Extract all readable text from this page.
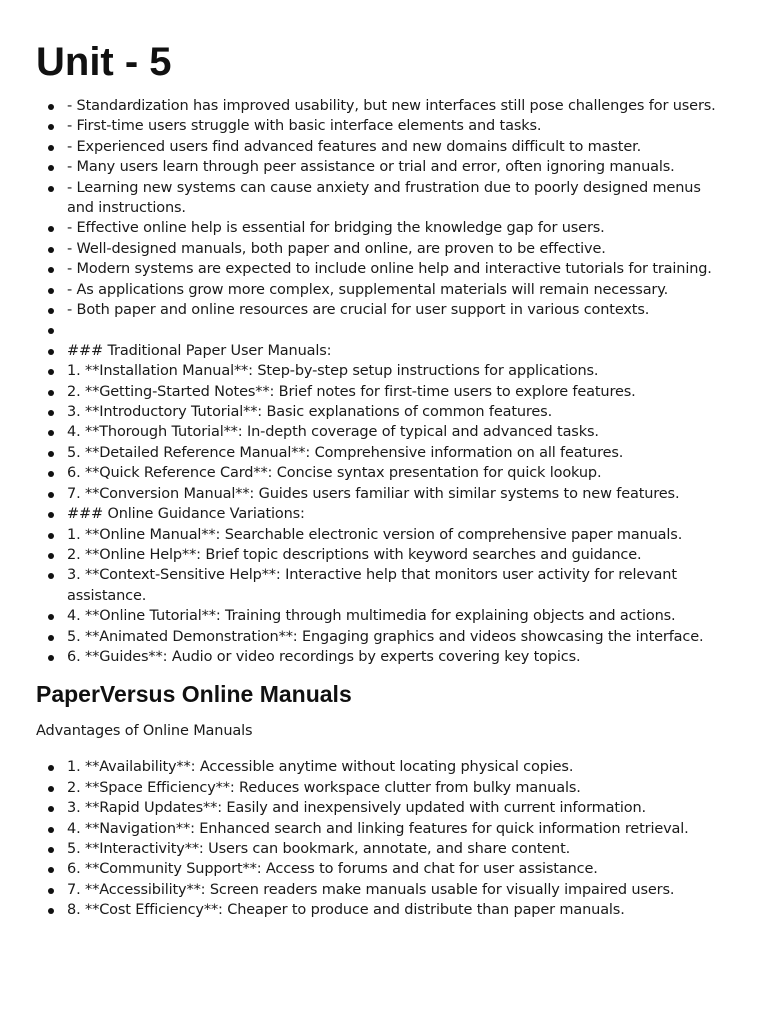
Unit - 5
- Standardization has improved usability, but new interfaces still pose challenges for users.
- First-time users struggle with basic interface elements and tasks.
- Experienced users find advanced features and new domains difficult to master.
- Many users learn through peer assistance or trial and error, often ignoring manuals.
- Learning new systems can cause anxiety and frustration due to poorly designed menus and instructions.
- Effective online help is essential for bridging the knowledge gap for users.
- Well-designed manuals, both paper and online, are proven to be effective.
- Modern systems are expected to include online help and interactive tutorials for training.
- As applications grow more complex, supplemental materials will remain necessary.
- Both paper and online resources are crucial for user support in various contexts.
### Traditional Paper User Manuals:
1. **Installation Manual**: Step-by-step setup instructions for applications.
2. **Getting-Started Notes**: Brief notes for first-time users to explore features.
3. **Introductory Tutorial**: Basic explanations of common features.
4. **Thorough Tutorial**: In-depth coverage of typical and advanced tasks.
5. **Detailed Reference Manual**: Comprehensive information on all features.
6. **Quick Reference Card**: Concise syntax presentation for quick lookup.
7. **Conversion Manual**: Guides users familiar with similar systems to new features.
### Online Guidance Variations:
1. **Online Manual**: Searchable electronic version of comprehensive paper manuals.
2. **Online Help**: Brief topic descriptions with keyword searches and guidance.
3. **Context-Sensitive Help**: Interactive help that monitors user activity for relevant assistance.
4. **Online Tutorial**: Training through multimedia for explaining objects and actions.
5. **Animated Demonstration**: Engaging graphics and videos showcasing the interface.
6. **Guides**: Audio or video recordings by experts covering key topics.
PaperVersus Online Manuals

Advantages of Online Manuals

1. **Availability**: Accessible anytime without locating physical copies.
2. **Space Efficiency**: Reduces workspace clutter from bulky manuals.
3. **Rapid Updates**: Easily and inexpensively updated with current information.
4. **Navigation**: Enhanced search and linking features for quick information retrieval.
5. **Interactivity**: Users can bookmark, annotate, and share content.
6. **Community Support**: Access to forums and chat for user assistance.
7. **Accessibility**: Screen readers make manuals usable for visually impaired users.
8. **Cost Efficiency**: Cheaper to produce and distribute than paper manuals.
